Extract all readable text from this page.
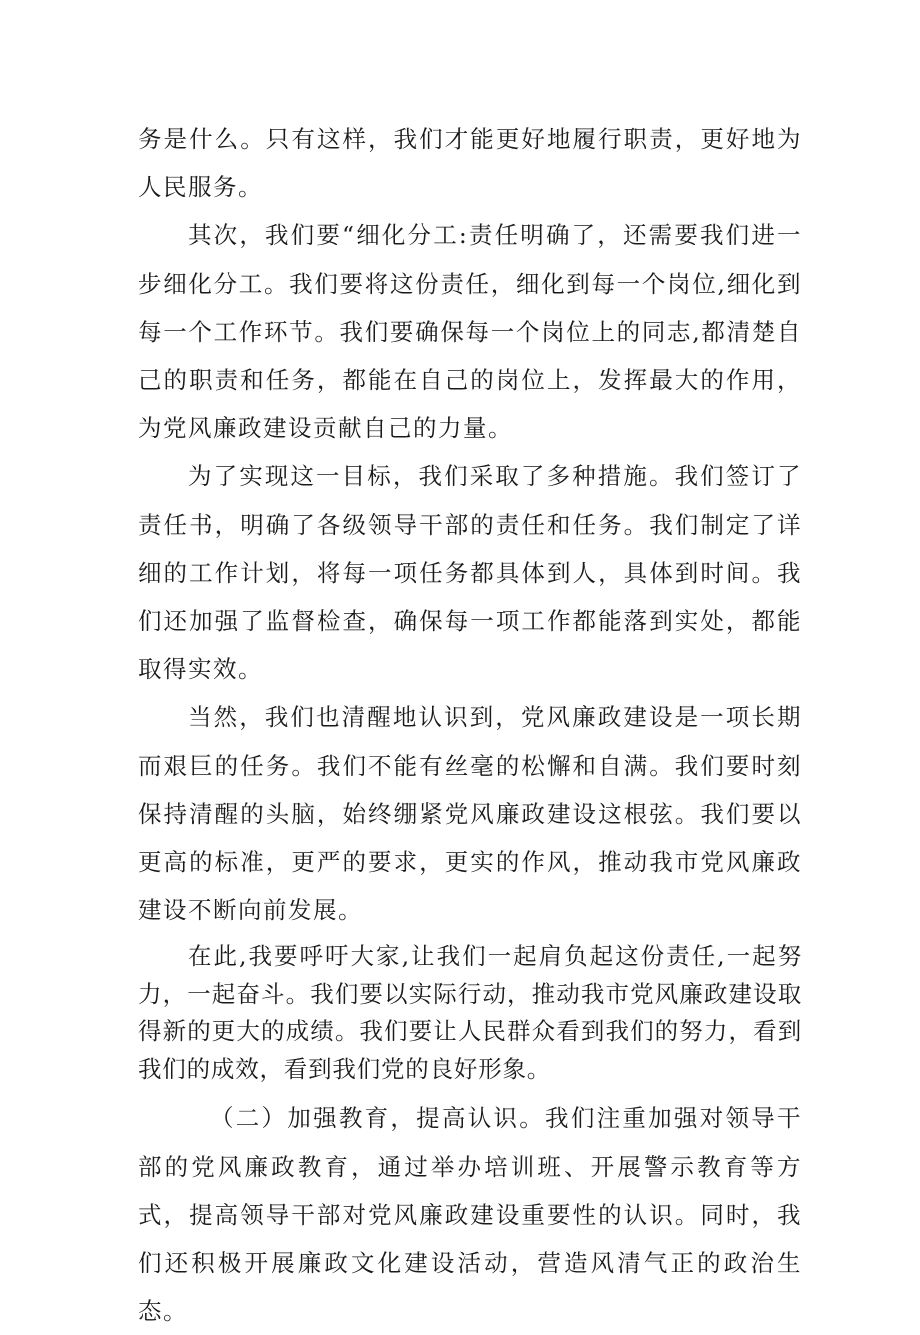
务是什么。只有这样，我们才能更好地履行职责，更好地为人民服务。

其次，我们要“细化分工:责任明确了，还需要我们进一步细化分工。我们要将这份责任，细化到每一个岗位,细化到每一个工作环节。我们要确保每一个岗位上的同志,都清楚自己的职责和任务，都能在自己的岗位上，发挥最大的作用，为党风廉政建设贡献自己的力量。

为了实现这一目标，我们采取了多种措施。我们签订了责任书，明确了各级领导干部的责任和任务。我们制定了详细的工作计划，将每一项任务都具体到人，具体到时间。我们还加强了监督检查，确保每一项工作都能落到实处，都能取得实效。

当然，我们也清醒地认识到，党风廉政建设是一项长期而艰巨的任务。我们不能有丝毫的松懈和自满。我们要时刻保持清醒的头脑，始终绷紧党风廉政建设这根弦。我们要以更高的标准，更严的要求，更实的作风，推动我市党风廉政建设不断向前发展。

在此,我要呼吁大家,让我们一起肩负起这份责任,一起努力，一起奋斗。我们要以实际行动，推动我市党风廉政建设取得新的更大的成绩。我们要让人民群众看到我们的努力，看到我们的成效，看到我们党的良好形象。

（二）加强教育，提高认识。我们注重加强对领导干部的党风廉政教育，通过举办培训班、开展警示教育等方式，提高领导干部对党风廉政建设重要性的认识。同时，我们还积极开展廉政文化建设活动，营造风清气正的政治生态。
